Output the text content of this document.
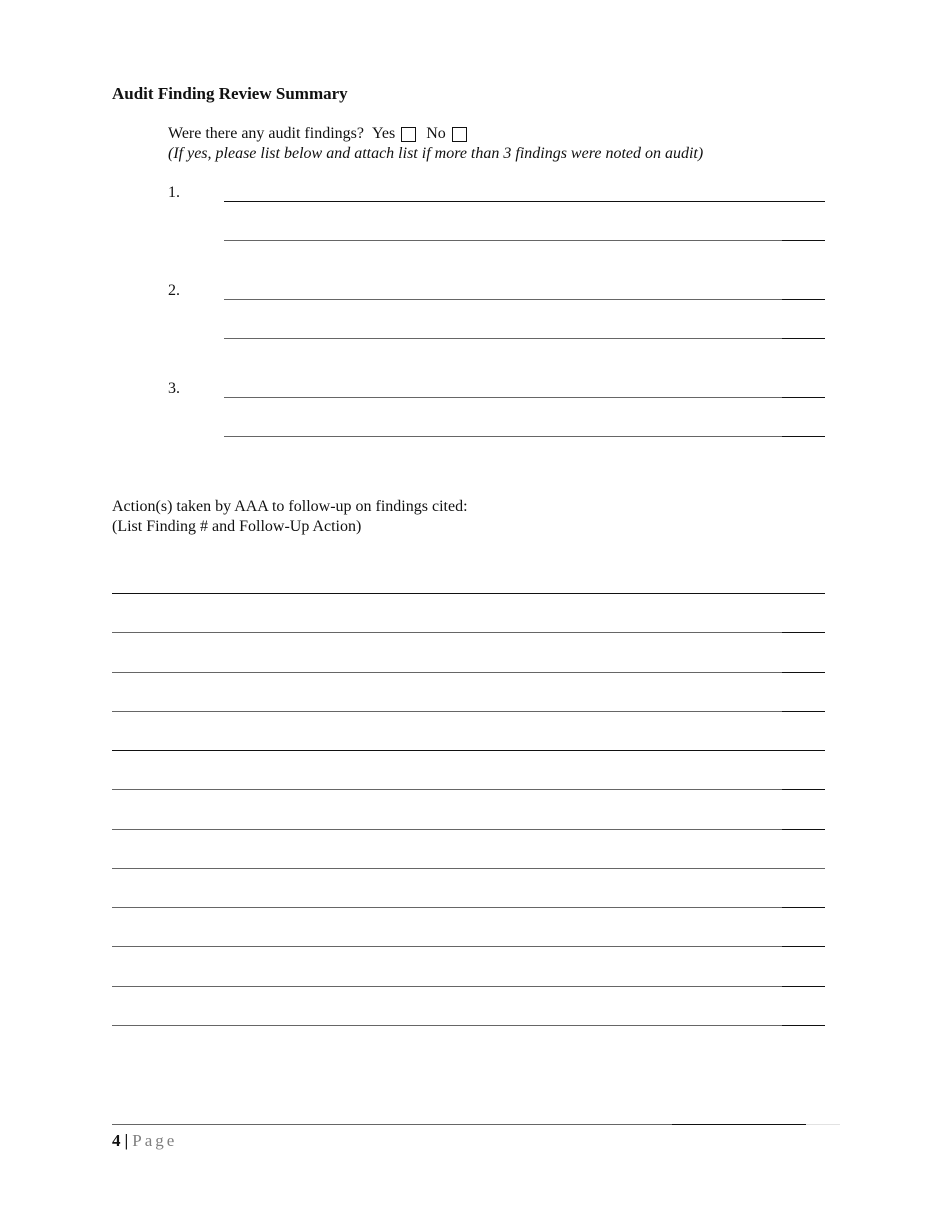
Audit Finding Review Summary
Were there any audit findings? Yes No
(If yes, please list below and attach list if more than 3 findings were noted on audit)
1.
2.
3.
Action(s) taken by AAA to follow-up on findings cited:
(List Finding # and Follow-Up Action)
4 | Page
